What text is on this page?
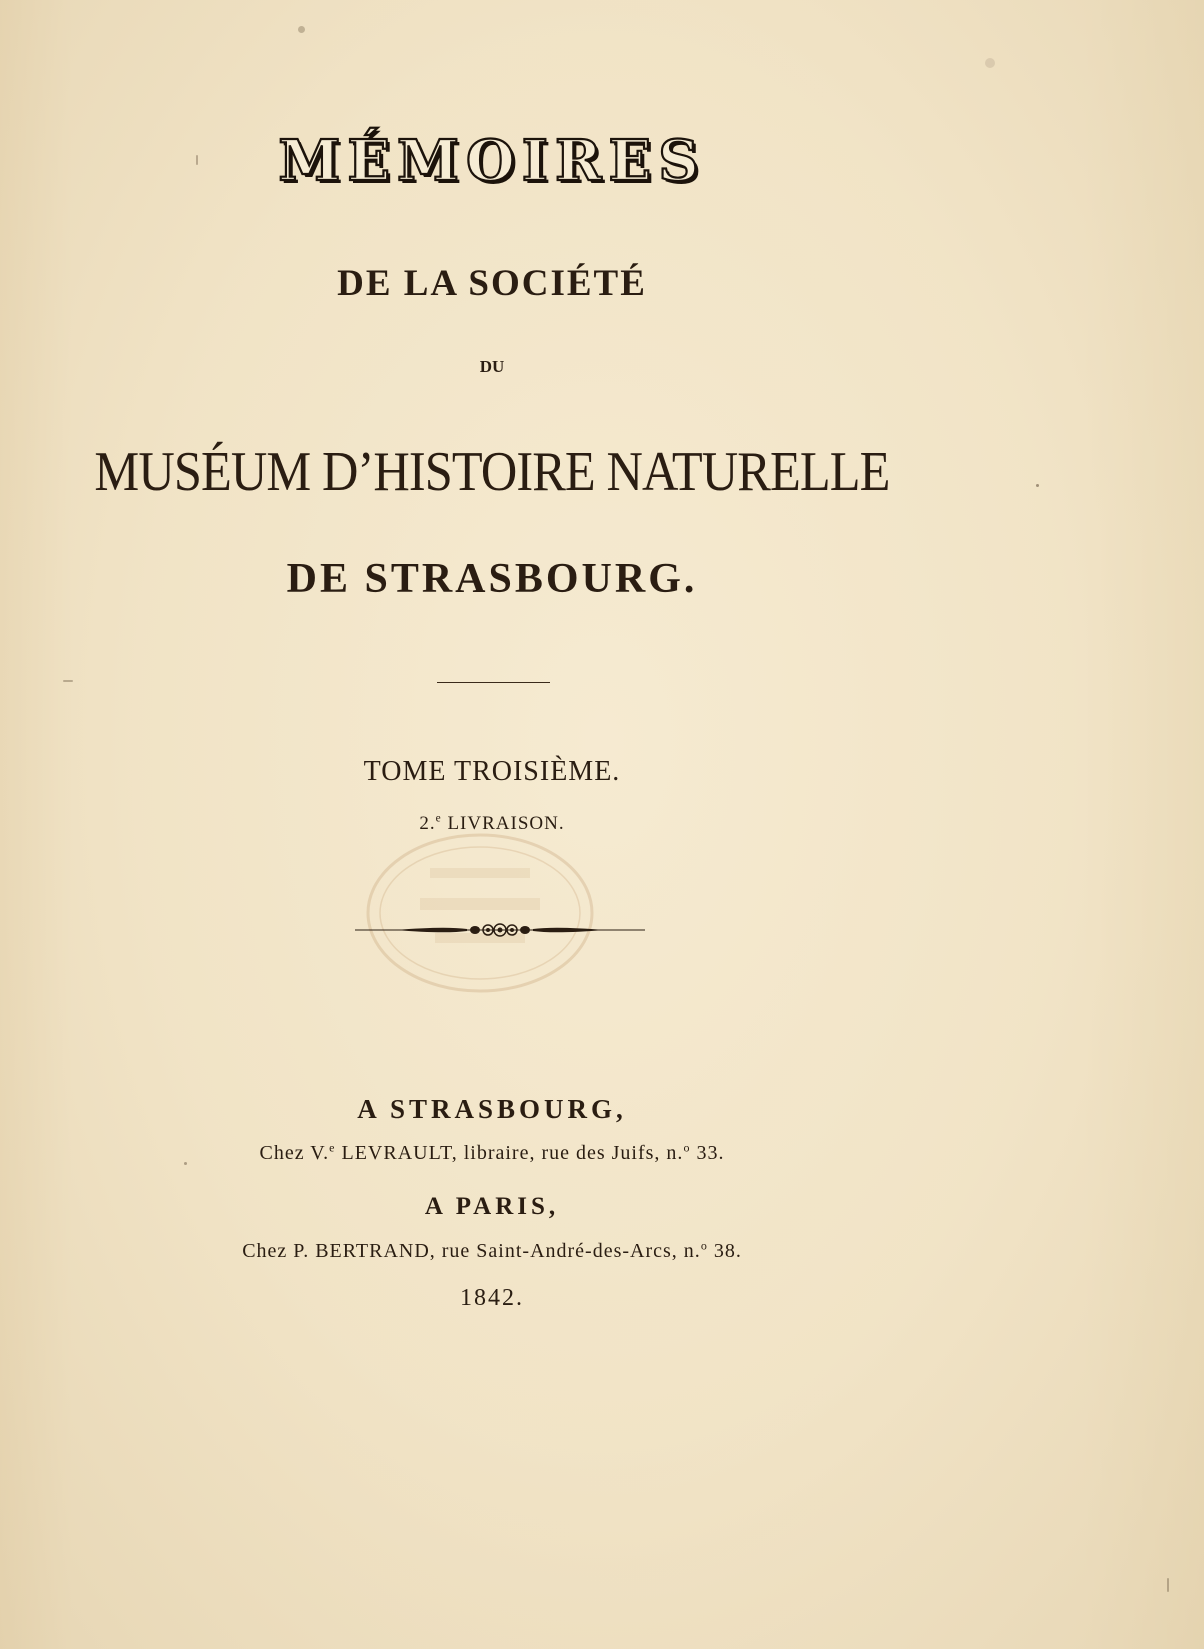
MÉMOIRES
DE LA SOCIÉTÉ
DU
MUSÉUM D’HISTOIRE NATURELLE
DE STRASBOURG.
TOME TROISIÈME.
2.$^e$ LIVRAISON.
A STRASBOURG,
Chez V.$^e$ LEVRAULT, libraire, rue des Juifs, n.$^o$ 33.
A PARIS,
Chez P. BERTRAND, rue Saint-André-des-Arcs, n.$^o$ 38.
1842.
